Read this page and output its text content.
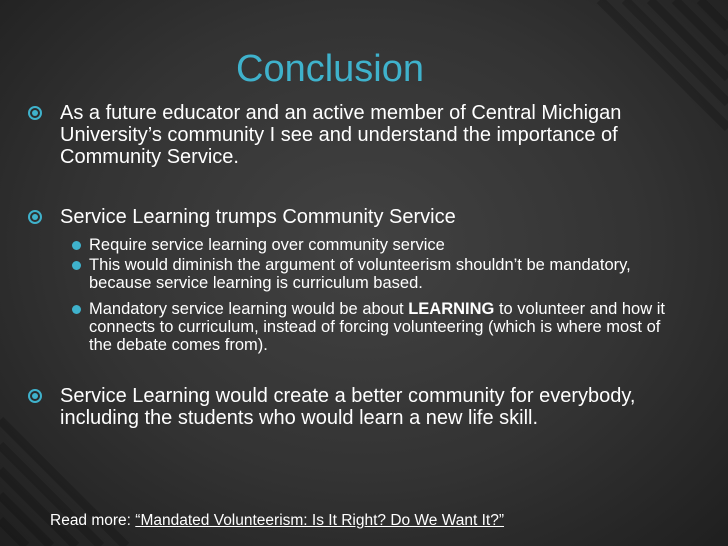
Conclusion
As a future educator and an active member of Central Michigan University’s community I see and understand the importance of Community Service.
Service Learning trumps Community Service
Require service learning over community service
This would diminish the argument of volunteerism shouldn’t be mandatory, because service learning is curriculum based.
Mandatory service learning would be about LEARNING to volunteer and how it connects to curriculum, instead of forcing volunteering (which is where most of the debate comes from).
Service Learning would create a better community for everybody, including the students who would learn a new life skill.
Read more: “Mandated Volunteerism: Is It Right? Do We Want It?”
